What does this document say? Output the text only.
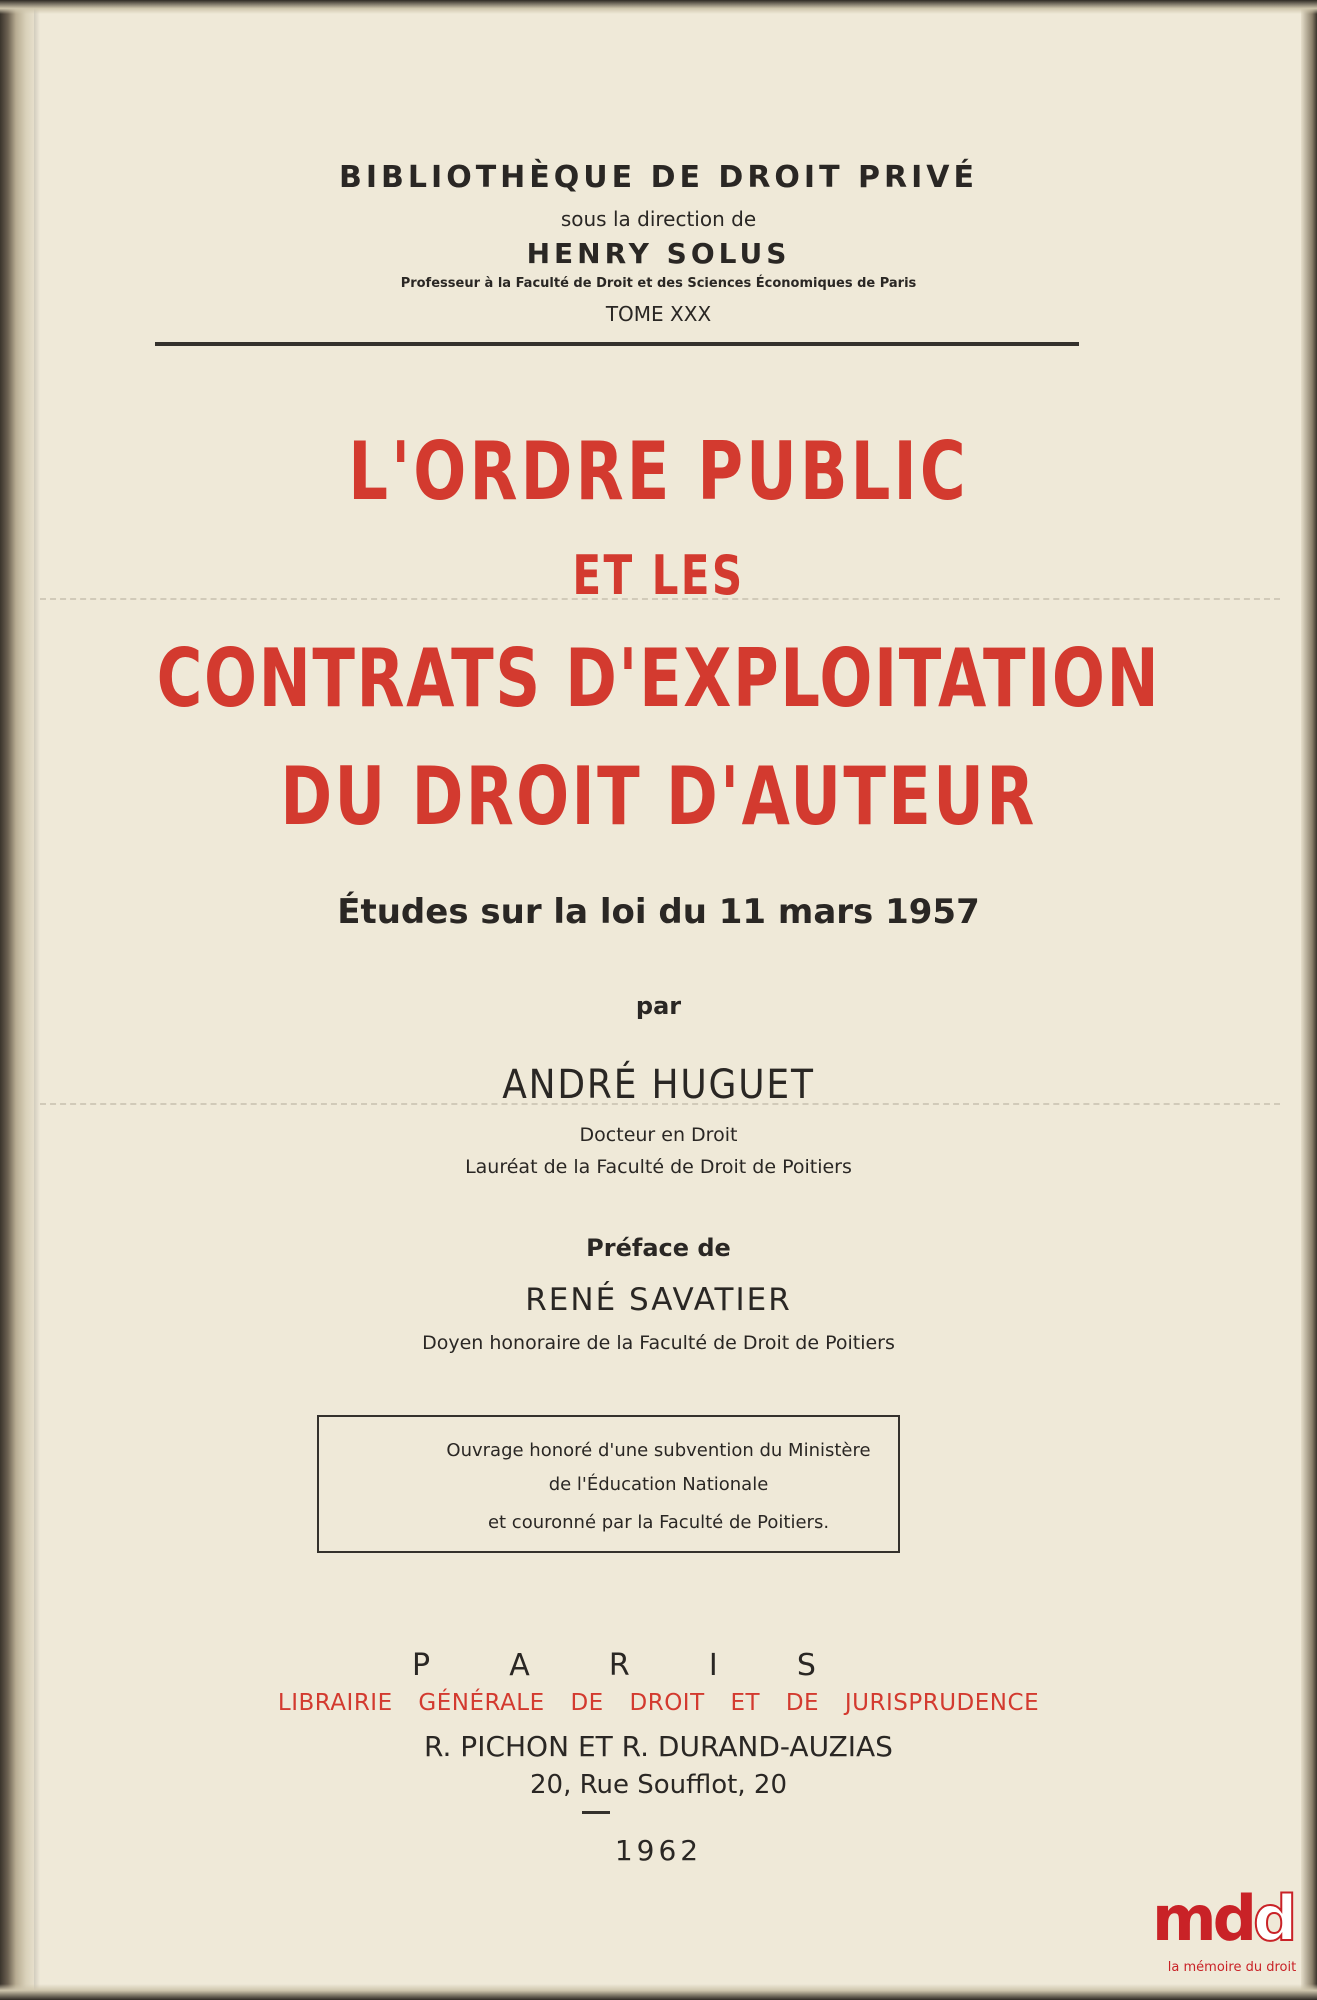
BIBLIOTHÈQUE DE DROIT PRIVÉ
sous la direction de
HENRY SOLUS
Professeur à la Faculté de Droit et des Sciences Économiques de Paris
TOME XXX
L'ORDRE PUBLIC
ET LES
CONTRATS D'EXPLOITATION
DU DROIT D'AUTEUR
Études sur la loi du 11 mars 1957
par
ANDRÉ HUGUET
Docteur en Droit
Lauréat de la Faculté de Droit de Poitiers
Préface de
RENÉ SAVATIER
Doyen honoraire de la Faculté de Droit de Poitiers
Ouvrage honoré d'une subvention du Ministère
de l'Éducation Nationale
et couronné par la Faculté de Poitiers.
P	A	R	I	S
LIBRAIRIE GÉNÉRALE DE DROIT ET DE JURISPRUDENCE
R. PICHON ET R. DURAND-AUZIAS
20, Rue Soufflot, 20
1962
mdd
la mémoire du droit
